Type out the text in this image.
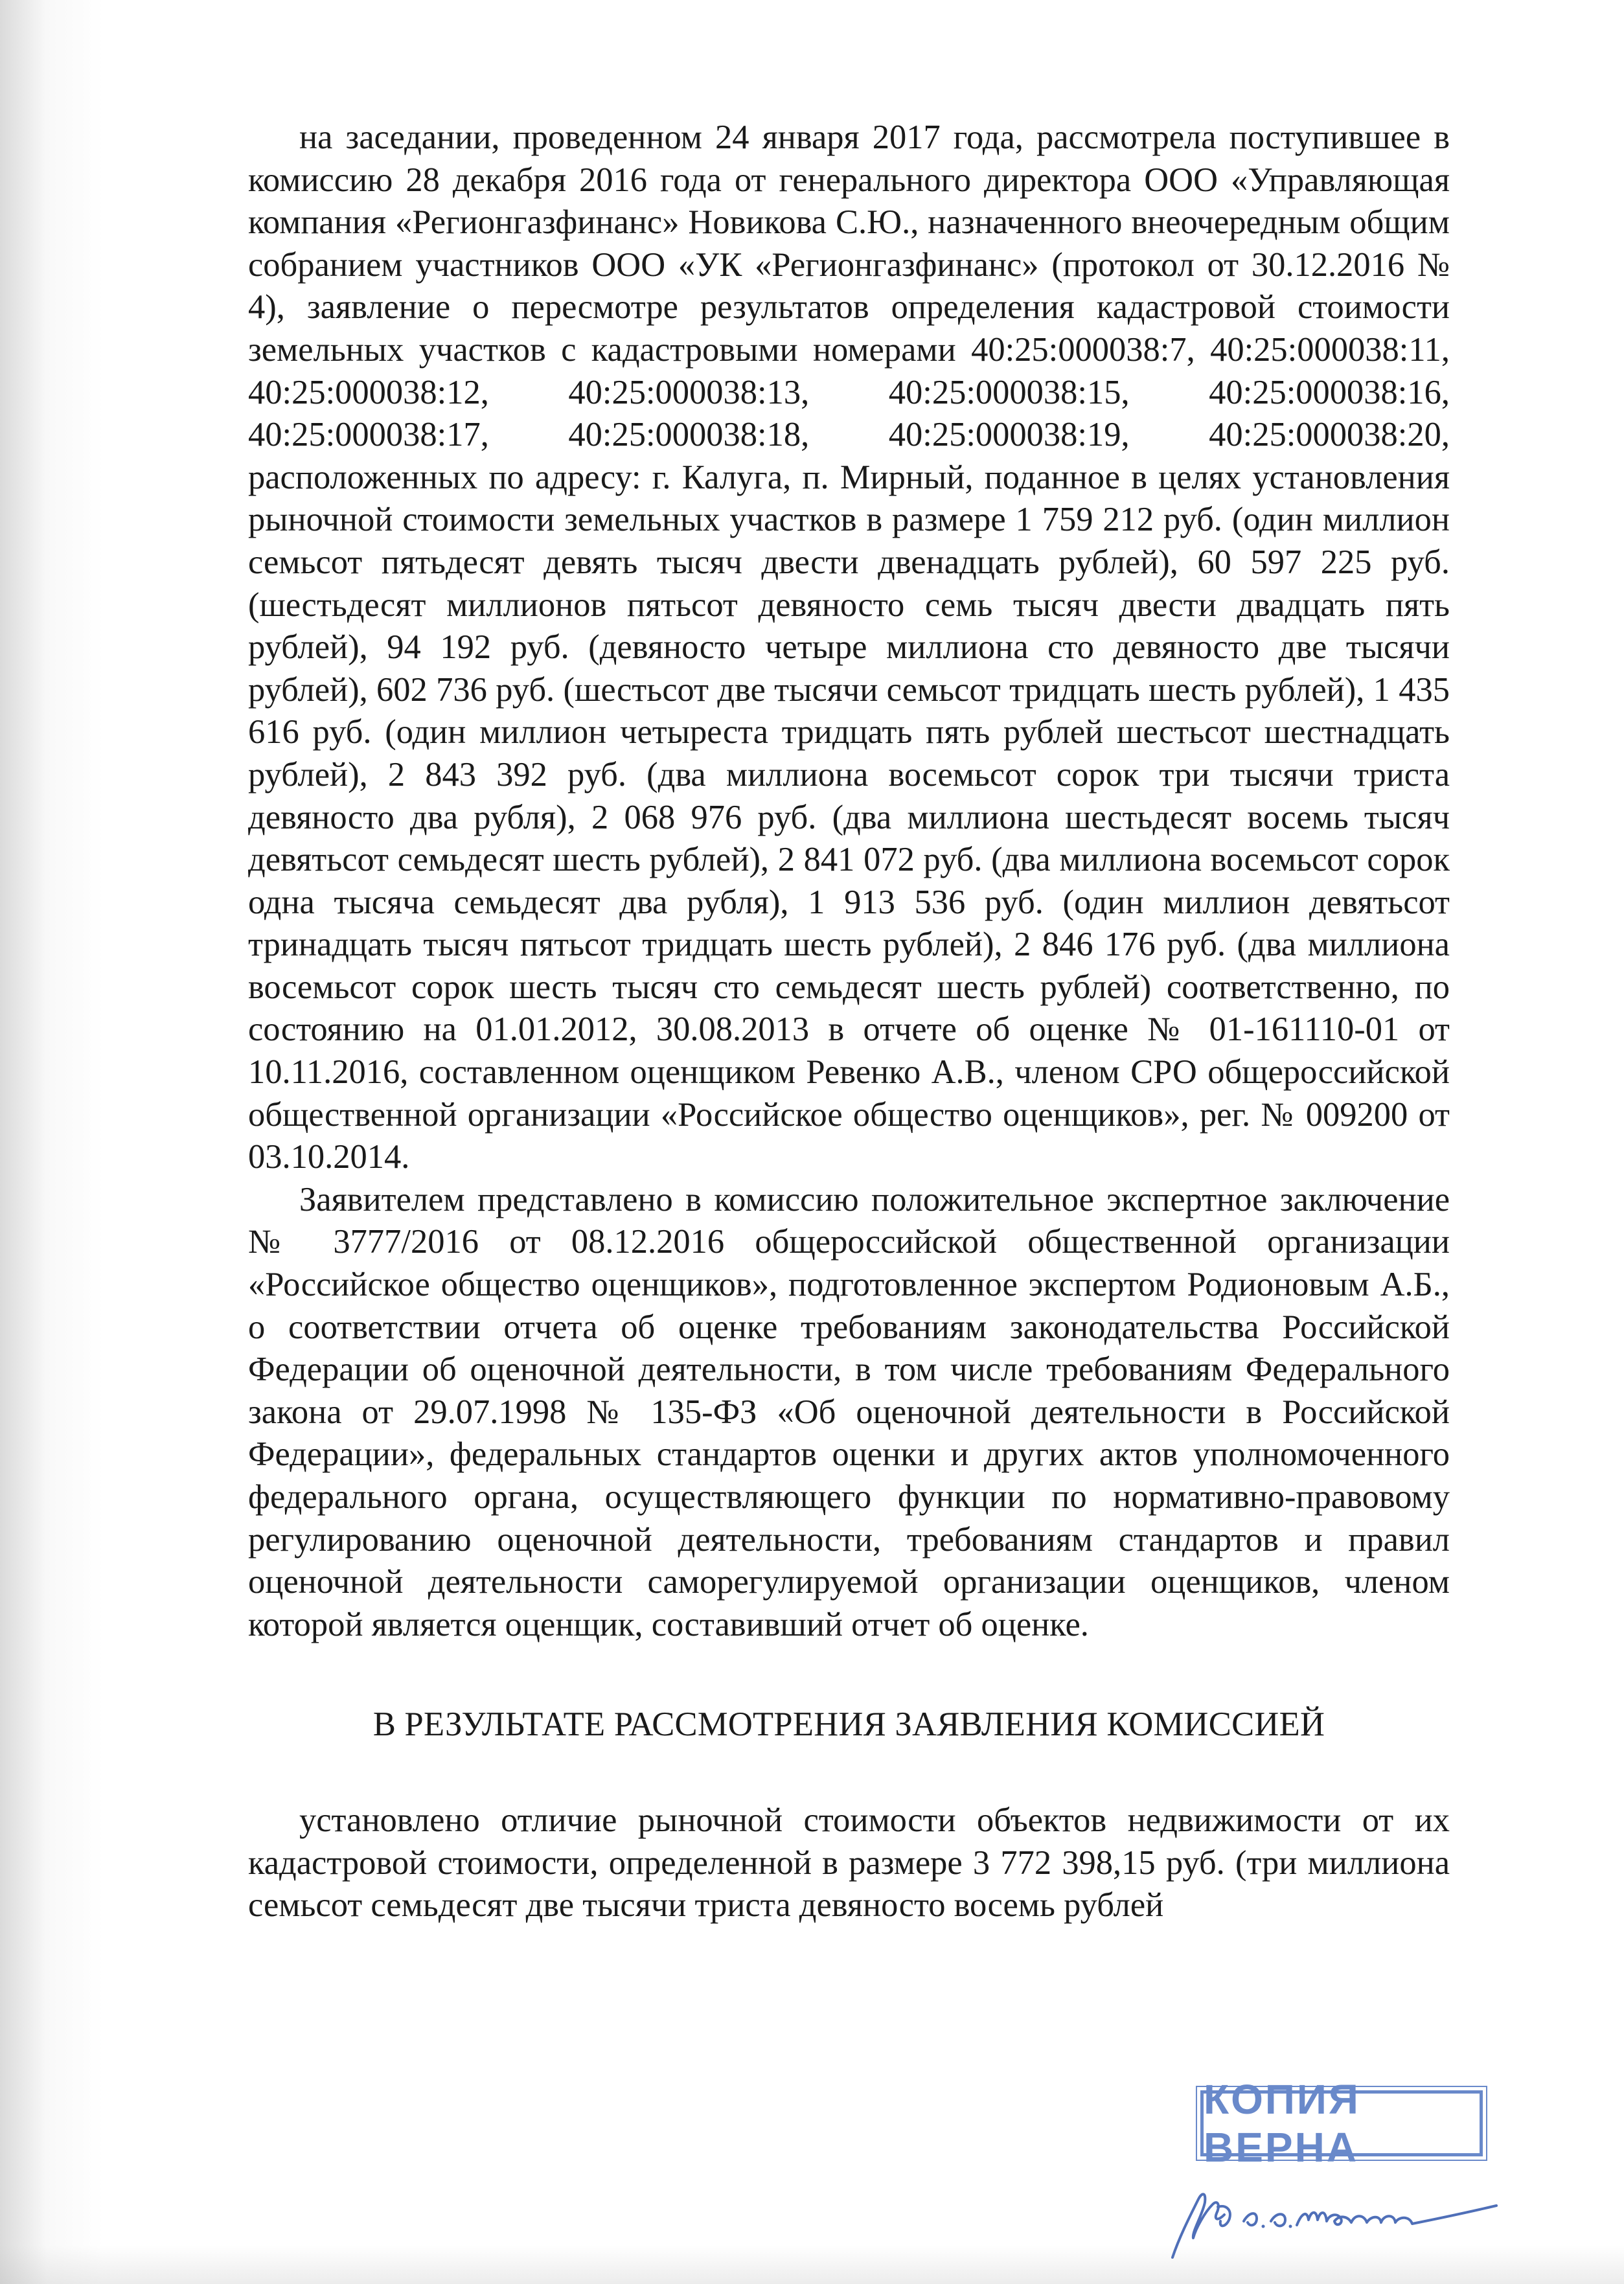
на заседании, проведенном 24 января 2017 года, рассмотрела поступившее в комиссию 28 декабря 2016 года от генерального директора ООО «Управляющая компания «Регионгазфинанс» Новикова С.Ю., назначенного внеочередным общим собранием участников ООО «УК «Регионгазфинанс» (протокол от 30.12.2016 № 4), заявление о пересмотре результатов определения кадастровой стоимости земельных участков с кадастровыми номерами 40:25:000038:7, 40:25:000038:11, 40:25:000038:12, 40:25:000038:13, 40:25:000038:15, 40:25:000038:16, 40:25:000038:17, 40:25:000038:18, 40:25:000038:19, 40:25:000038:20, расположенных по адресу: г. Калуга, п. Мирный, поданное в целях установления рыночной стоимости земельных участков в размере 1 759 212 руб. (один миллион семьсот пятьдесят девять тысяч двести двенадцать рублей), 60 597 225 руб. (шестьдесят миллионов пятьсот девяносто семь тысяч двести двадцать пять рублей), 94 192 руб. (девяносто четыре миллиона сто девяносто две тысячи рублей), 602 736 руб. (шестьсот две тысячи семьсот тридцать шесть рублей), 1 435 616 руб. (один миллион четыреста тридцать пять рублей шестьсот шестнадцать рублей), 2 843 392 руб. (два миллиона восемьсот сорок три тысячи триста девяносто два рубля), 2 068 976 руб. (два миллиона шестьдесят восемь тысяч девятьсот семьдесят шесть рублей), 2 841 072 руб. (два миллиона восемьсот сорок одна тысяча семьдесят два рубля), 1 913 536 руб. (один миллион девятьсот тринадцать тысяч пятьсот тридцать шесть рублей), 2 846 176 руб. (два миллиона восемьсот сорок шесть тысяч сто семьдесят шесть рублей) соответственно, по состоянию на 01.01.2012, 30.08.2013 в отчете об оценке № 01-161110-01 от 10.11.2016, составленном оценщиком Ревенко А.В., членом СРО общероссийской общественной организации «Российское общество оценщиков», рег. № 009200 от 03.10.2014.

Заявителем представлено в комиссию положительное экспертное заключение № 3777/2016 от 08.12.2016 общероссийской общественной организации «Российское общество оценщиков», подготовленное экспертом Родионовым А.Б., о соответствии отчета об оценке требованиям законодательства Российской Федерации об оценочной деятельности, в том числе требованиям Федерального закона от 29.07.1998 № 135-ФЗ «Об оценочной деятельности в Российской Федерации», федеральных стандартов оценки и других актов уполномоченного федерального органа, осуществляющего функции по нормативно-правовому регулированию оценочной деятельности, требованиям стандартов и правил оценочной деятельности саморегулируемой организации оценщиков, членом которой является оценщик, составивший отчет об оценке.

В РЕЗУЛЬТАТЕ РАССМОТРЕНИЯ ЗАЯВЛЕНИЯ КОМИССИЕЙ

установлено отличие рыночной стоимости объектов недвижимости от их кадастровой стоимости, определенной в размере 3 772 398,15 руб. (три миллиона семьсот семьдесят две тысячи триста девяносто восемь рублей

КОПИЯ ВЕРНА
